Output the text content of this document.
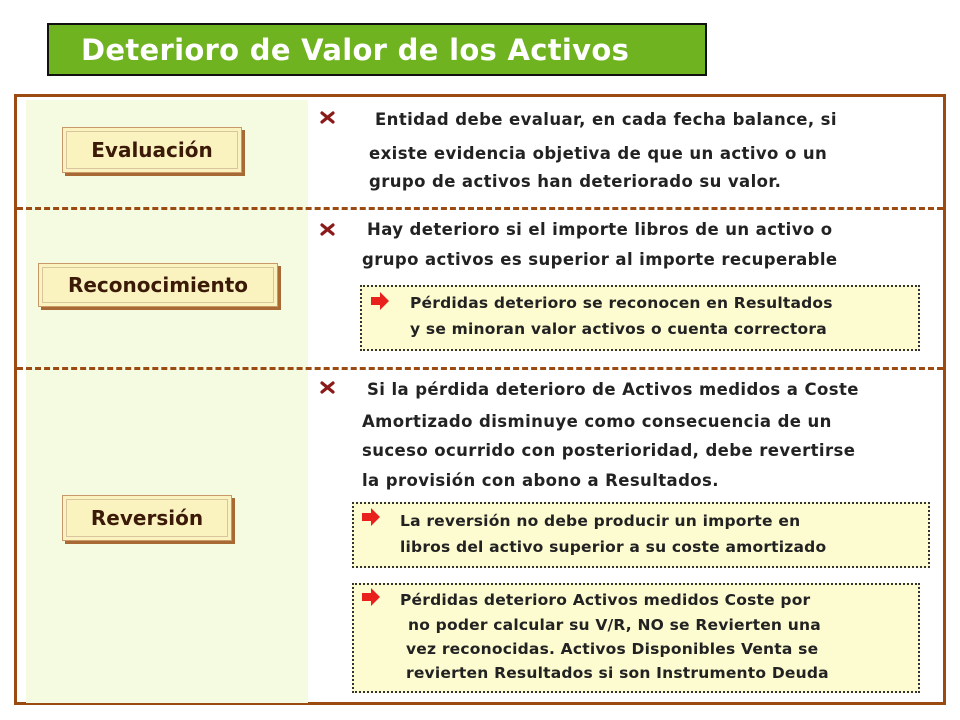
Deterioro de Valor de los Activos
Evaluación
Entidad debe evaluar, en cada fecha balance, si
existe evidencia objetiva de que un activo o un
grupo de activos han deteriorado su valor.
Reconocimiento
Hay deterioro si el importe libros de un activo o
grupo activos es superior al importe recuperable
Pérdidas deterioro se reconocen en Resultados
y se minoran valor activos o cuenta correctora
Reversión
Si la pérdida deterioro de Activos medidos a Coste
Amortizado disminuye como consecuencia de un
suceso ocurrido con posterioridad, debe revertirse
la provisión con abono a Resultados.
La reversión no debe producir un importe en
libros del activo superior a su coste amortizado
Pérdidas deterioro Activos medidos Coste por
no poder calcular su V/R, NO se Revierten una
vez reconocidas. Activos Disponibles Venta se
revierten Resultados si son Instrumento Deuda
